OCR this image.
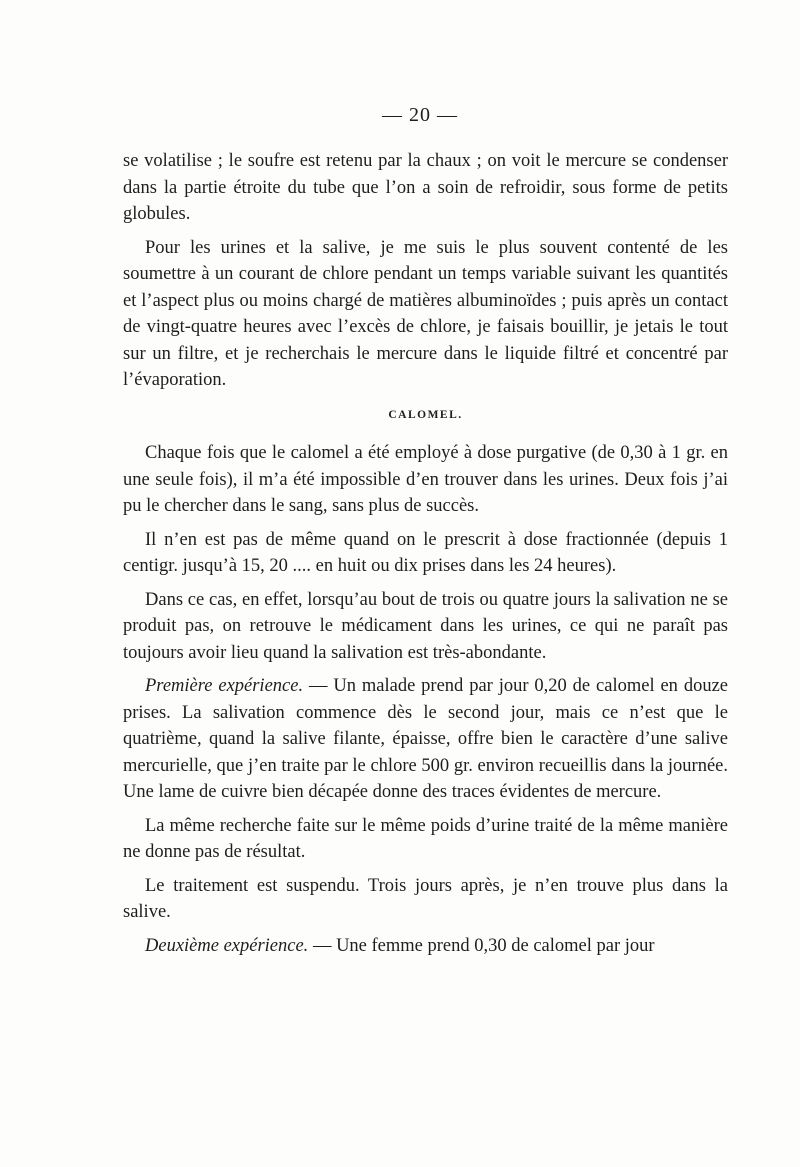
— 20 —

se volatilise ; le soufre est retenu par la chaux ; on voit le mercure se condenser dans la partie étroite du tube que l’on a soin de refroidir, sous forme de petits globules.

Pour les urines et la salive, je me suis le plus souvent contenté de les soumettre à un courant de chlore pendant un temps variable suivant les quantités et l’aspect plus ou moins chargé de matières albuminoïdes ; puis après un contact de vingt-quatre heures avec l’excès de chlore, je faisais bouillir, je jetais le tout sur un filtre, et je recherchais le mercure dans le liquide filtré et concentré par l’évaporation.

CALOMEL.

Chaque fois que le calomel a été employé à dose purgative (de 0,30 à 1 gr. en une seule fois), il m’a été impossible d’en trouver dans les urines. Deux fois j’ai pu le chercher dans le sang, sans plus de succès.

Il n’en est pas de même quand on le prescrit à dose fractionnée (depuis 1 centigr. jusqu’à 15, 20 .... en huit ou dix prises dans les 24 heures).

Dans ce cas, en effet, lorsqu’au bout de trois ou quatre jours la salivation ne se produit pas, on retrouve le médicament dans les urines, ce qui ne paraît pas toujours avoir lieu quand la salivation est très-abondante.

Première expérience. — Un malade prend par jour 0,20 de calomel en douze prises. La salivation commence dès le second jour, mais ce n’est que le quatrième, quand la salive filante, épaisse, offre bien le caractère d’une salive mercurielle, que j’en traite par le chlore 500 gr. environ recueillis dans la journée. Une lame de cuivre bien décapée donne des traces évidentes de mercure.

La même recherche faite sur le même poids d’urine traité de la même manière ne donne pas de résultat.

Le traitement est suspendu. Trois jours après, je n’en trouve plus dans la salive.

Deuxième expérience. — Une femme prend 0,30 de calomel par jour
